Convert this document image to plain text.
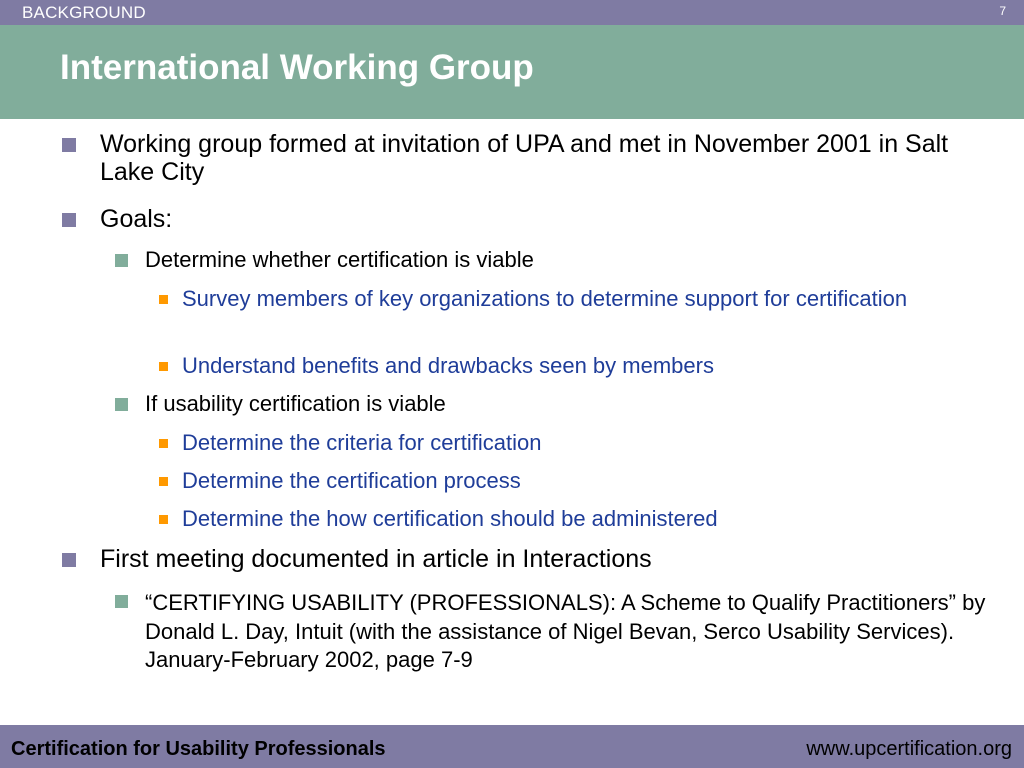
BACKGROUND	7
International Working Group

Working group formed at invitation of UPA and met in November 2001 in Salt Lake City

Goals:

Determine whether certification is viable

Survey members of key organizations to determine support for certification

Understand benefits and drawbacks seen by members

If usability certification is viable

Determine the criteria for certification

Determine the certification process

Determine the how certification should be administered

First meeting documented in article in Interactions

“CERTIFYING USABILITY (PROFESSIONALS): A Scheme to Qualify Practitioners” by Donald L. Day, Intuit (with the assistance of Nigel Bevan, Serco Usability Services). January-February 2002, page 7-9

Certification for Usability Professionals	www.upcertification.org
